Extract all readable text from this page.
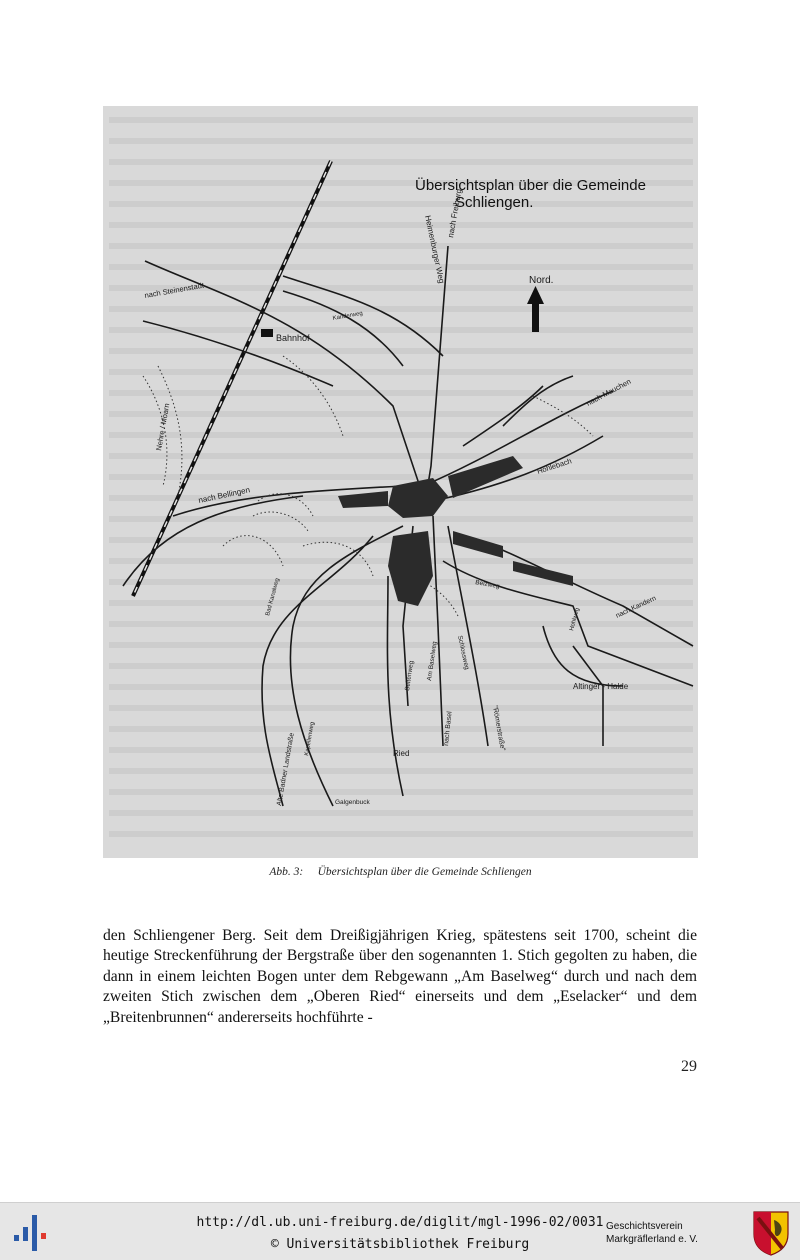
Übersichtsplan über die Gemeinde
Schliengen.
Nord.
Heimenburger Weg
nach Freiburg
nach Steinenstadt
Bahnhof
Kanderweg
nach Mauchen
Hohlebach
Nehre / Moarn
nach Bellingen
Bad Kanalweg
Seitenweg Am Baselweg	Schlossweg
"Römerstraße"
nach Basel
Ried
Alte Badner Landstraße Kapellenweg
Galgenbuck
Altinger - Halde
nach Kandern
Hohlweg
Belzweg
Abb. 3: Übersichtsplan über die Gemeinde Schliengen

den Schliengener Berg. Seit dem Dreißigjährigen Krieg, spätestens seit 1700, scheint die heutige Streckenführung der Bergstraße über den sogenannten 1. Stich gegolten zu haben, die dann in einem leichten Bogen unter dem Rebgewann „Am Baselweg“ durch und nach dem zweiten Stich zwischen dem „Oberen Ried“ einerseits und dem „Eselacker“ und dem „Breitenbrunnen“ andererseits hochführte -

29
http://dl.ub.uni-freiburg.de/diglit/mgl-1996-02/0031
© Universitätsbibliothek Freiburg
Geschichtsverein
Markgräflerland e. V.
